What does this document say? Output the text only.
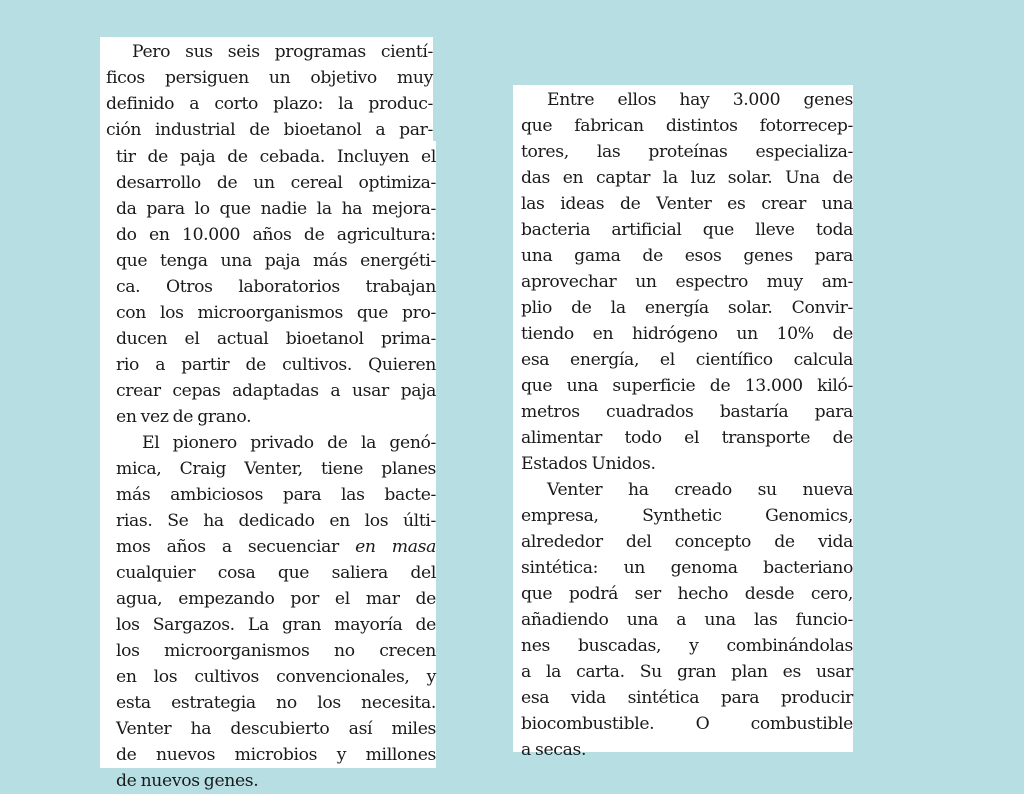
Pero sus seis programas cientí-

ficos persiguen un objetivo muy

definido a corto plazo: la produc-

ción industrial de bioetanol a par-

tir de paja de cebada. Incluyen el

desarrollo de un cereal optimiza-

da para lo que nadie la ha mejora-

do en 10.000 años de agricultura:

que tenga una paja más energéti-

ca. Otros laboratorios trabajan

con los microorganismos que pro-

ducen el actual bioetanol prima-

rio a partir de cultivos. Quieren

crear cepas adaptadas a usar paja

en vez de grano.

El pionero privado de la genó-

mica, Craig Venter, tiene planes

más ambiciosos para las bacte-

rias. Se ha dedicado en los últi-

mos años a secuenciar en masa

cualquier cosa que saliera del

agua, empezando por el mar de

los Sargazos. La gran mayoría de

los microorganismos no crecen

en los cultivos convencionales, y

esta estrategia no los necesita.

Venter ha descubierto así miles

de nuevos microbios y millones

de nuevos genes.

Entre ellos hay 3.000 genes

que fabrican distintos fotorrecep-

tores, las proteínas especializa-

das en captar la luz solar. Una de

las ideas de Venter es crear una

bacteria artificial que lleve toda

una gama de esos genes para

aprovechar un espectro muy am-

plio de la energía solar. Convir-

tiendo en hidrógeno un 10% de

esa energía, el científico calcula

que una superficie de 13.000 kiló-

metros cuadrados bastaría para

alimentar todo el transporte de

Estados Unidos.

Venter ha creado su nueva

empresa, Synthetic Genomics,

alrededor del concepto de vida

sintética: un genoma bacteriano

que podrá ser hecho desde cero,

añadiendo una a una las funcio-

nes buscadas, y combinándolas

a la carta. Su gran plan es usar

esa vida sintética para producir

biocombustible. O combustible

a secas.
